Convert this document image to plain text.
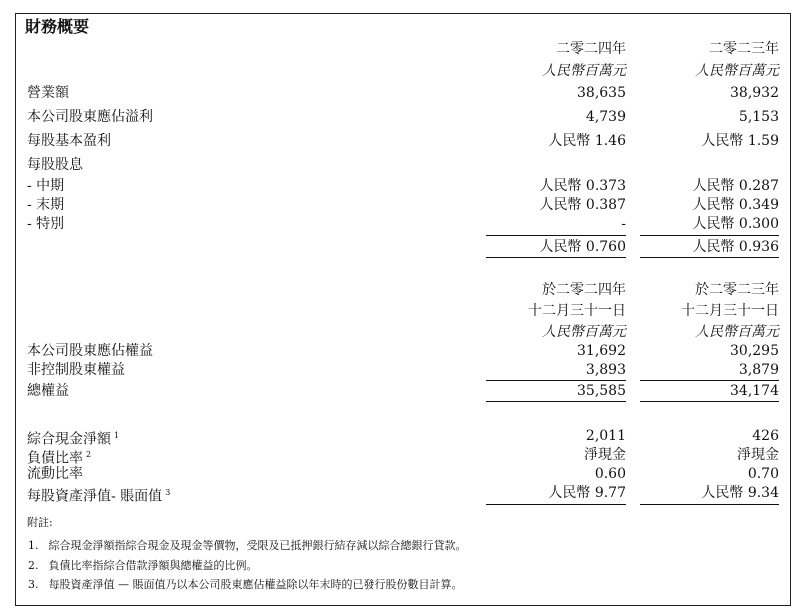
財務概要
二零二四年	二零二三年
人民幣百萬元	人民幣百萬元
營業額	38,635	38,932
本公司股東應佔溢利	4,739	5,153
每股基本盈利	人民幣 1.46	人民幣 1.59
每股股息
- 中期	人民幣 0.373	人民幣 0.287
- 末期	人民幣 0.387	人民幣 0.349
- 特別	-	人民幣 0.300
人民幣 0.760	人民幣 0.936
於二零二四年	於二零二三年
十二月三十一日	十二月三十一日
人民幣百萬元	人民幣百萬元
本公司股東應佔權益	31,692	30,295
非控制股東權益	3,893	3,879
總權益	35,585	34,174
綜合現金淨額 $^1$	2,011	426
負債比率 $^2$	淨現金	淨現金
流動比率	0.60	0.70
每股資產淨值- 賬面值 $^3$	人民幣 9.77	人民幣 9.34
附註:
1. 綜合現金淨額指綜合現金及現金等價物，受限及已抵押銀行結存減以綜合總銀行貸款。
2. 負債比率指綜合借款淨額與總權益的比例。
3. 每股資產淨值 — 賬面值乃以本公司股東應佔權益除以年末時的已發行股份數目計算。
